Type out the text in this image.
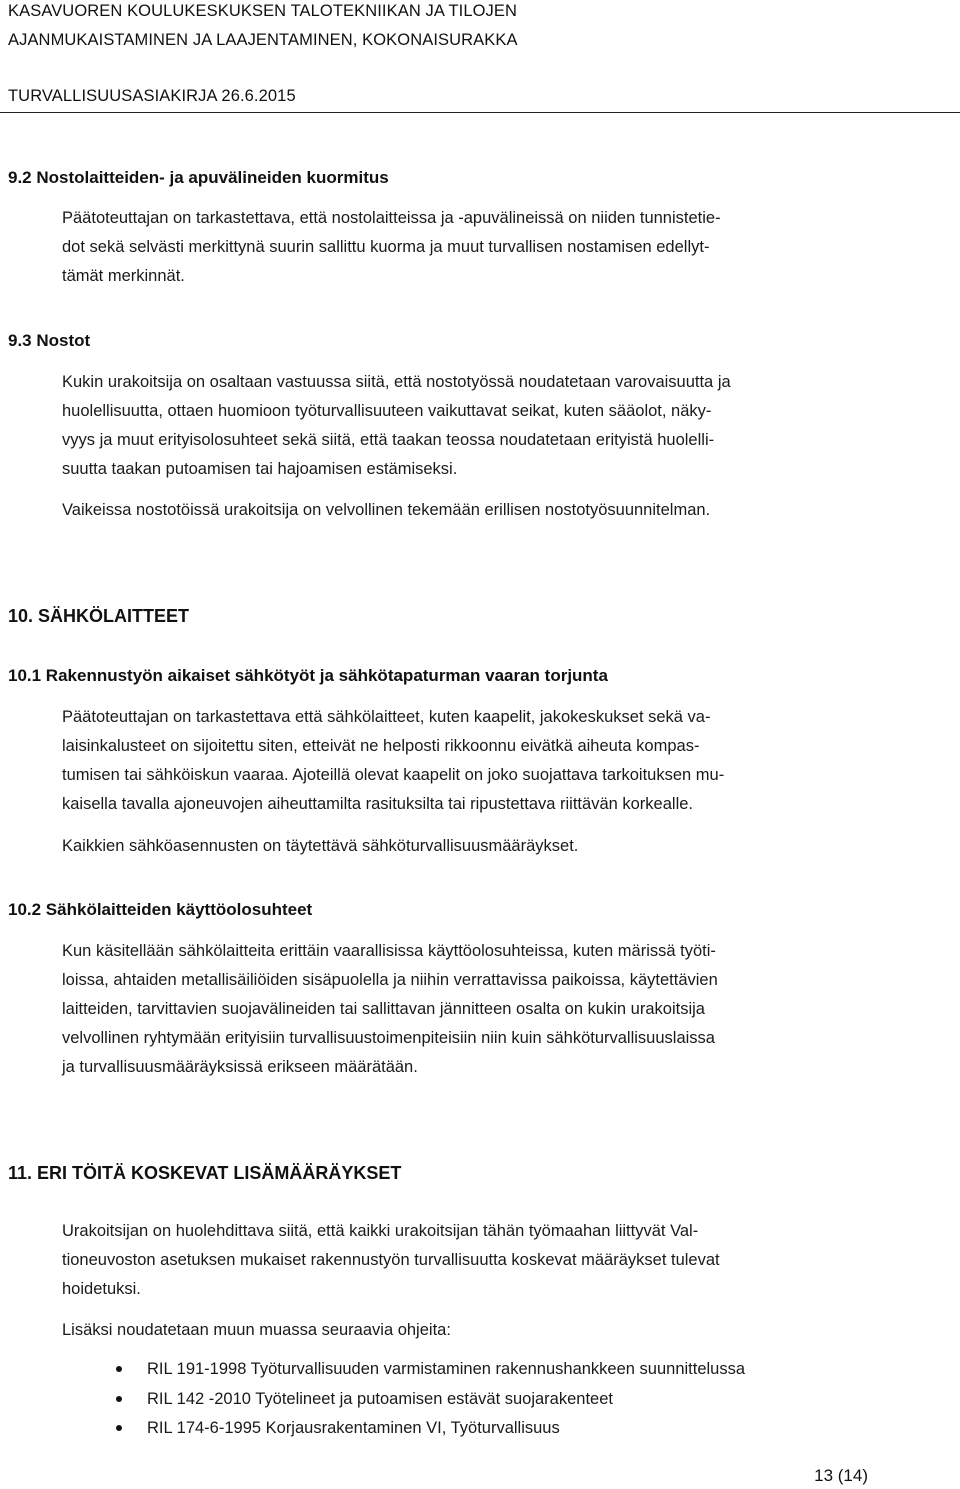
KASAVUOREN KOULUKESKUKSEN TALOTEKNIIKAN JA TILOJEN
AJANMUKAISTAMINEN JA LAAJENTAMINEN, KOKONAISURAKKA
TURVALLISUUSASIAKIRJA 26.6.2015
9.2 Nostolaitteiden- ja apuvälineiden kuormitus
Päätoteuttajan on tarkastettava, että nostolaitteissa ja -apuvälineissä on niiden tunnistetie-
dot sekä selvästi merkittynä suurin sallittu kuorma ja muut turvallisen nostamisen edellyt-
tämät merkinnät.
9.3 Nostot
Kukin urakoitsija on osaltaan vastuussa siitä, että nostotyössä noudatetaan varovaisuutta ja
huolellisuutta, ottaen huomioon työturvallisuuteen vaikuttavat seikat, kuten sääolot, näky-
vyys ja muut erityisolosuhteet sekä siitä, että taakan teossa noudatetaan erityistä huolelli-
suutta taakan putoamisen tai hajoamisen estämiseksi.
Vaikeissa nostotöissä urakoitsija on velvollinen tekemään erillisen nostotyösuunnitelman.
10. SÄHKÖLAITTEET
10.1 Rakennustyön aikaiset sähkötyöt ja sähkötapaturman vaaran torjunta
Päätoteuttajan on tarkastettava että sähkölaitteet, kuten kaapelit, jakokeskukset sekä va-
laisinkalusteet on sijoitettu siten, etteivät ne helposti rikkoonnu eivätkä aiheuta kompas-
tumisen tai sähköiskun vaaraa. Ajoteillä olevat kaapelit on joko suojattava tarkoituksen mu-
kaisella tavalla ajoneuvojen aiheuttamilta rasituksilta tai ripustettava riittävän korkealle.
Kaikkien sähköasennusten on täytettävä sähköturvallisuusmääräykset.
10.2 Sähkölaitteiden käyttöolosuhteet
Kun käsitellään sähkölaitteita erittäin vaarallisissa käyttöolosuhteissa, kuten märissä työti-
loissa, ahtaiden metallisäiliöiden sisäpuolella ja niihin verrattavissa paikoissa, käytettävien
laitteiden, tarvittavien suojavälineiden tai sallittavan jännitteen osalta on kukin urakoitsija
velvollinen ryhtymään erityisiin turvallisuustoimenpiteisiin niin kuin sähköturvallisuuslaissa
ja turvallisuusmääräyksissä erikseen määrätään.
11. ERI TÖITÄ KOSKEVAT LISÄMÄÄRÄYKSET
Urakoitsijan on huolehdittava siitä, että kaikki urakoitsijan tähän työmaahan liittyvät Val-
tioneuvoston asetuksen mukaiset rakennustyön turvallisuutta koskevat määräykset tulevat
hoidetuksi.
Lisäksi noudatetaan muun muassa seuraavia ohjeita:
RIL 191-1998 Työturvallisuuden varmistaminen rakennushankkeen suunnittelussa
RIL 142 -2010 Työtelineet ja putoamisen estävät suojarakenteet
RIL 174-6-1995 Korjausrakentaminen VI, Työturvallisuus
13 (14)
